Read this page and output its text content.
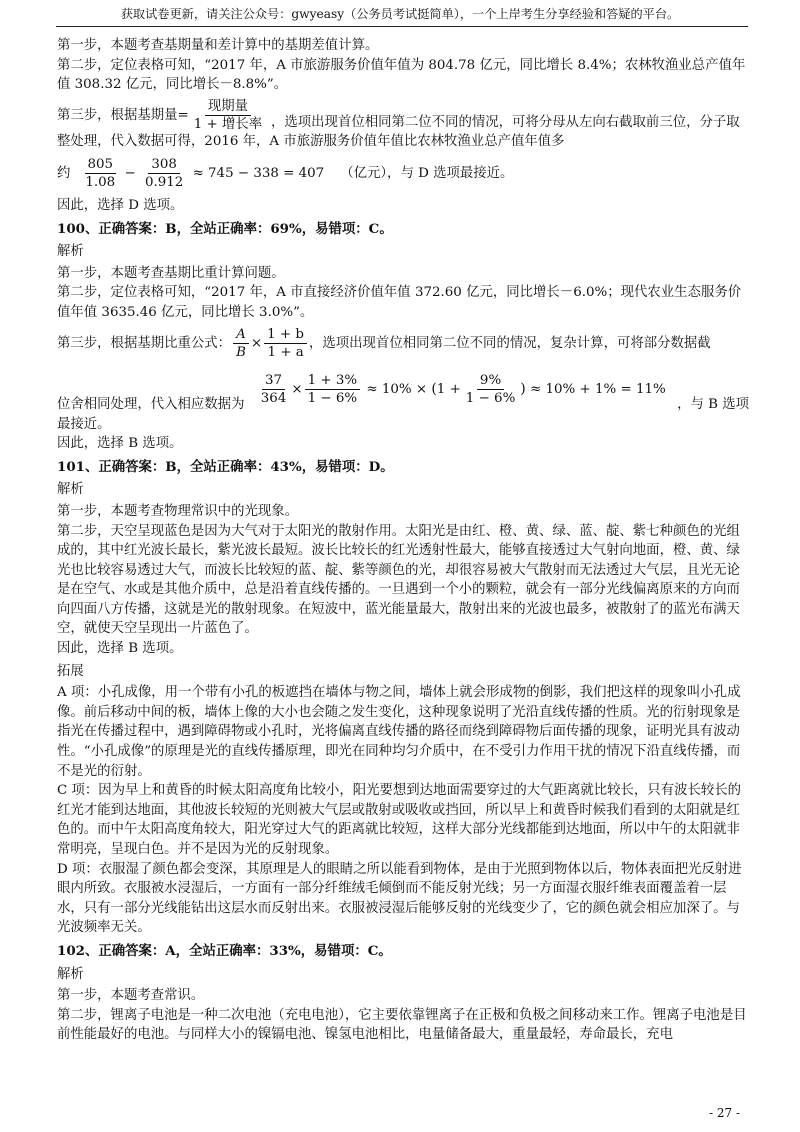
获取试卷更新，请关注公众号：gwyeasy（公务员考试挺简单），一个上岸考生分享经验和答疑的平台。

第一步，本题考查基期量和差计算中的基期差值计算。

第二步，定位表格可知，“2017 年，A 市旅游服务价值年值为 804.78 亿元，同比增长 8.4%；农林牧渔业总产值年值 308.32 亿元，同比增长－8.8%”。

第三步，根据基期量= $\frac{\text{现期量}}{\text{1 + 增长率}}$ ，选项出现首位相同第二位不同的情况，可将分母从左向右截取前三位，分子取整处理，代入数据可得，2016 年，A 市旅游服务价值年值比农林牧渔业总产值年值多

约 $\frac{805}{1.08} - \frac{308}{0.912} \approx 745 - 338 = 407$ （亿元），与 D 选项最接近。

因此，选择 D 选项。

100、正确答案：B，全站正确率：69%，易错项：C。

解析

第一步，本题考查基期比重计算问题。

第二步，定位表格可知，“2017 年，A 市直接经济价值年值 372.60 亿元，同比增长－6.0%；现代农业生态服务价值年值 3635.46 亿元，同比增长 3.0%”。

第三步，根据基期比重公式： $\frac{A}{B} \times \frac{1 + b}{1 + a}$ ，选项出现首位相同第二位不同的情况，复杂计算，可将部分数据截
位舍相同处理，代入相应数据为 $\frac{37}{364} \times \frac{1 + 3\%}{1 - 6\%} \approx 10\% \times (1 + \frac{9\%}{1 - 6\%}$ ) ≈ 10% + 1% = 11%
，与 B 选项

最接近。

因此，选择 B 选项。

101、正确答案：B，全站正确率：43%，易错项：D。

解析

第一步，本题考查物理常识中的光现象。

第二步，天空呈现蓝色是因为大气对于太阳光的散射作用。太阳光是由红、橙、黄、绿、蓝、靛、紫七种颜色的光组成的，其中红光波长最长，紫光波长最短。波长比较长的红光透射性最大，能够直接透过大气射向地面，橙、黄、绿光也比较容易透过大气，而波长比较短的蓝、靛、紫等颜色的光，却很容易被大气散射而无法透过大气层，且光无论是在空气、水或是其他介质中，总是沿着直线传播的。一旦遇到一个小的颗粒，就会有一部分光线偏离原来的方向而向四面八方传播，这就是光的散射现象。在短波中，蓝光能量最大，散射出来的光波也最多，被散射了的蓝光布满天空，就使天空呈现出一片蓝色了。

因此，选择 B 选项。

拓展

A 项：小孔成像，用一个带有小孔的板遮挡在墙体与物之间，墙体上就会形成物的倒影，我们把这样的现象叫小孔成像。前后移动中间的板，墙体上像的大小也会随之发生变化，这种现象说明了光沿直线传播的性质。光的衍射现象是指光在传播过程中，遇到障碍物或小孔时，光将偏离直线传播的路径而绕到障碍物后面传播的现象，证明光具有波动性。“小孔成像”的原理是光的直线传播原理，即光在同种均匀介质中，在不受引力作用干扰的情况下沿直线传播，而不是光的衍射。

C 项：因为早上和黄昏的时候太阳高度角比较小，阳光要想到达地面需要穿过的大气距离就比较长，只有波长较长的红光才能到达地面，其他波长较短的光则被大气层或散射或吸收或挡回，所以早上和黄昏时候我们看到的太阳就是红色的。而中午太阳高度角较大，阳光穿过大气的距离就比较短，这样大部分光线都能到达地面，所以中午的太阳就非常明亮，呈现白色。并不是因为光的反射现象。

D 项：衣服湿了颜色都会变深，其原理是人的眼睛之所以能看到物体，是由于光照到物体以后，物体表面把光反射进眼内所致。衣服被水浸湿后，一方面有一部分纤维绒毛倾倒而不能反射光线；另一方面湿衣服纤维表面覆盖着一层水，只有一部分光线能钻出这层水而反射出来。衣服被浸湿后能够反射的光线变少了，它的颜色就会相应加深了。与光波频率无关。

102、正确答案：A，全站正确率：33%，易错项：C。

解析

第一步，本题考查常识。

第二步，锂离子电池是一种二次电池（充电电池），它主要依靠锂离子在正极和负极之间移动来工作。锂离子电池是目前性能最好的电池。与同样大小的镍镉电池、镍氢电池相比，电量储备最大，重量最轻，寿命最长，充电

- 27 -
